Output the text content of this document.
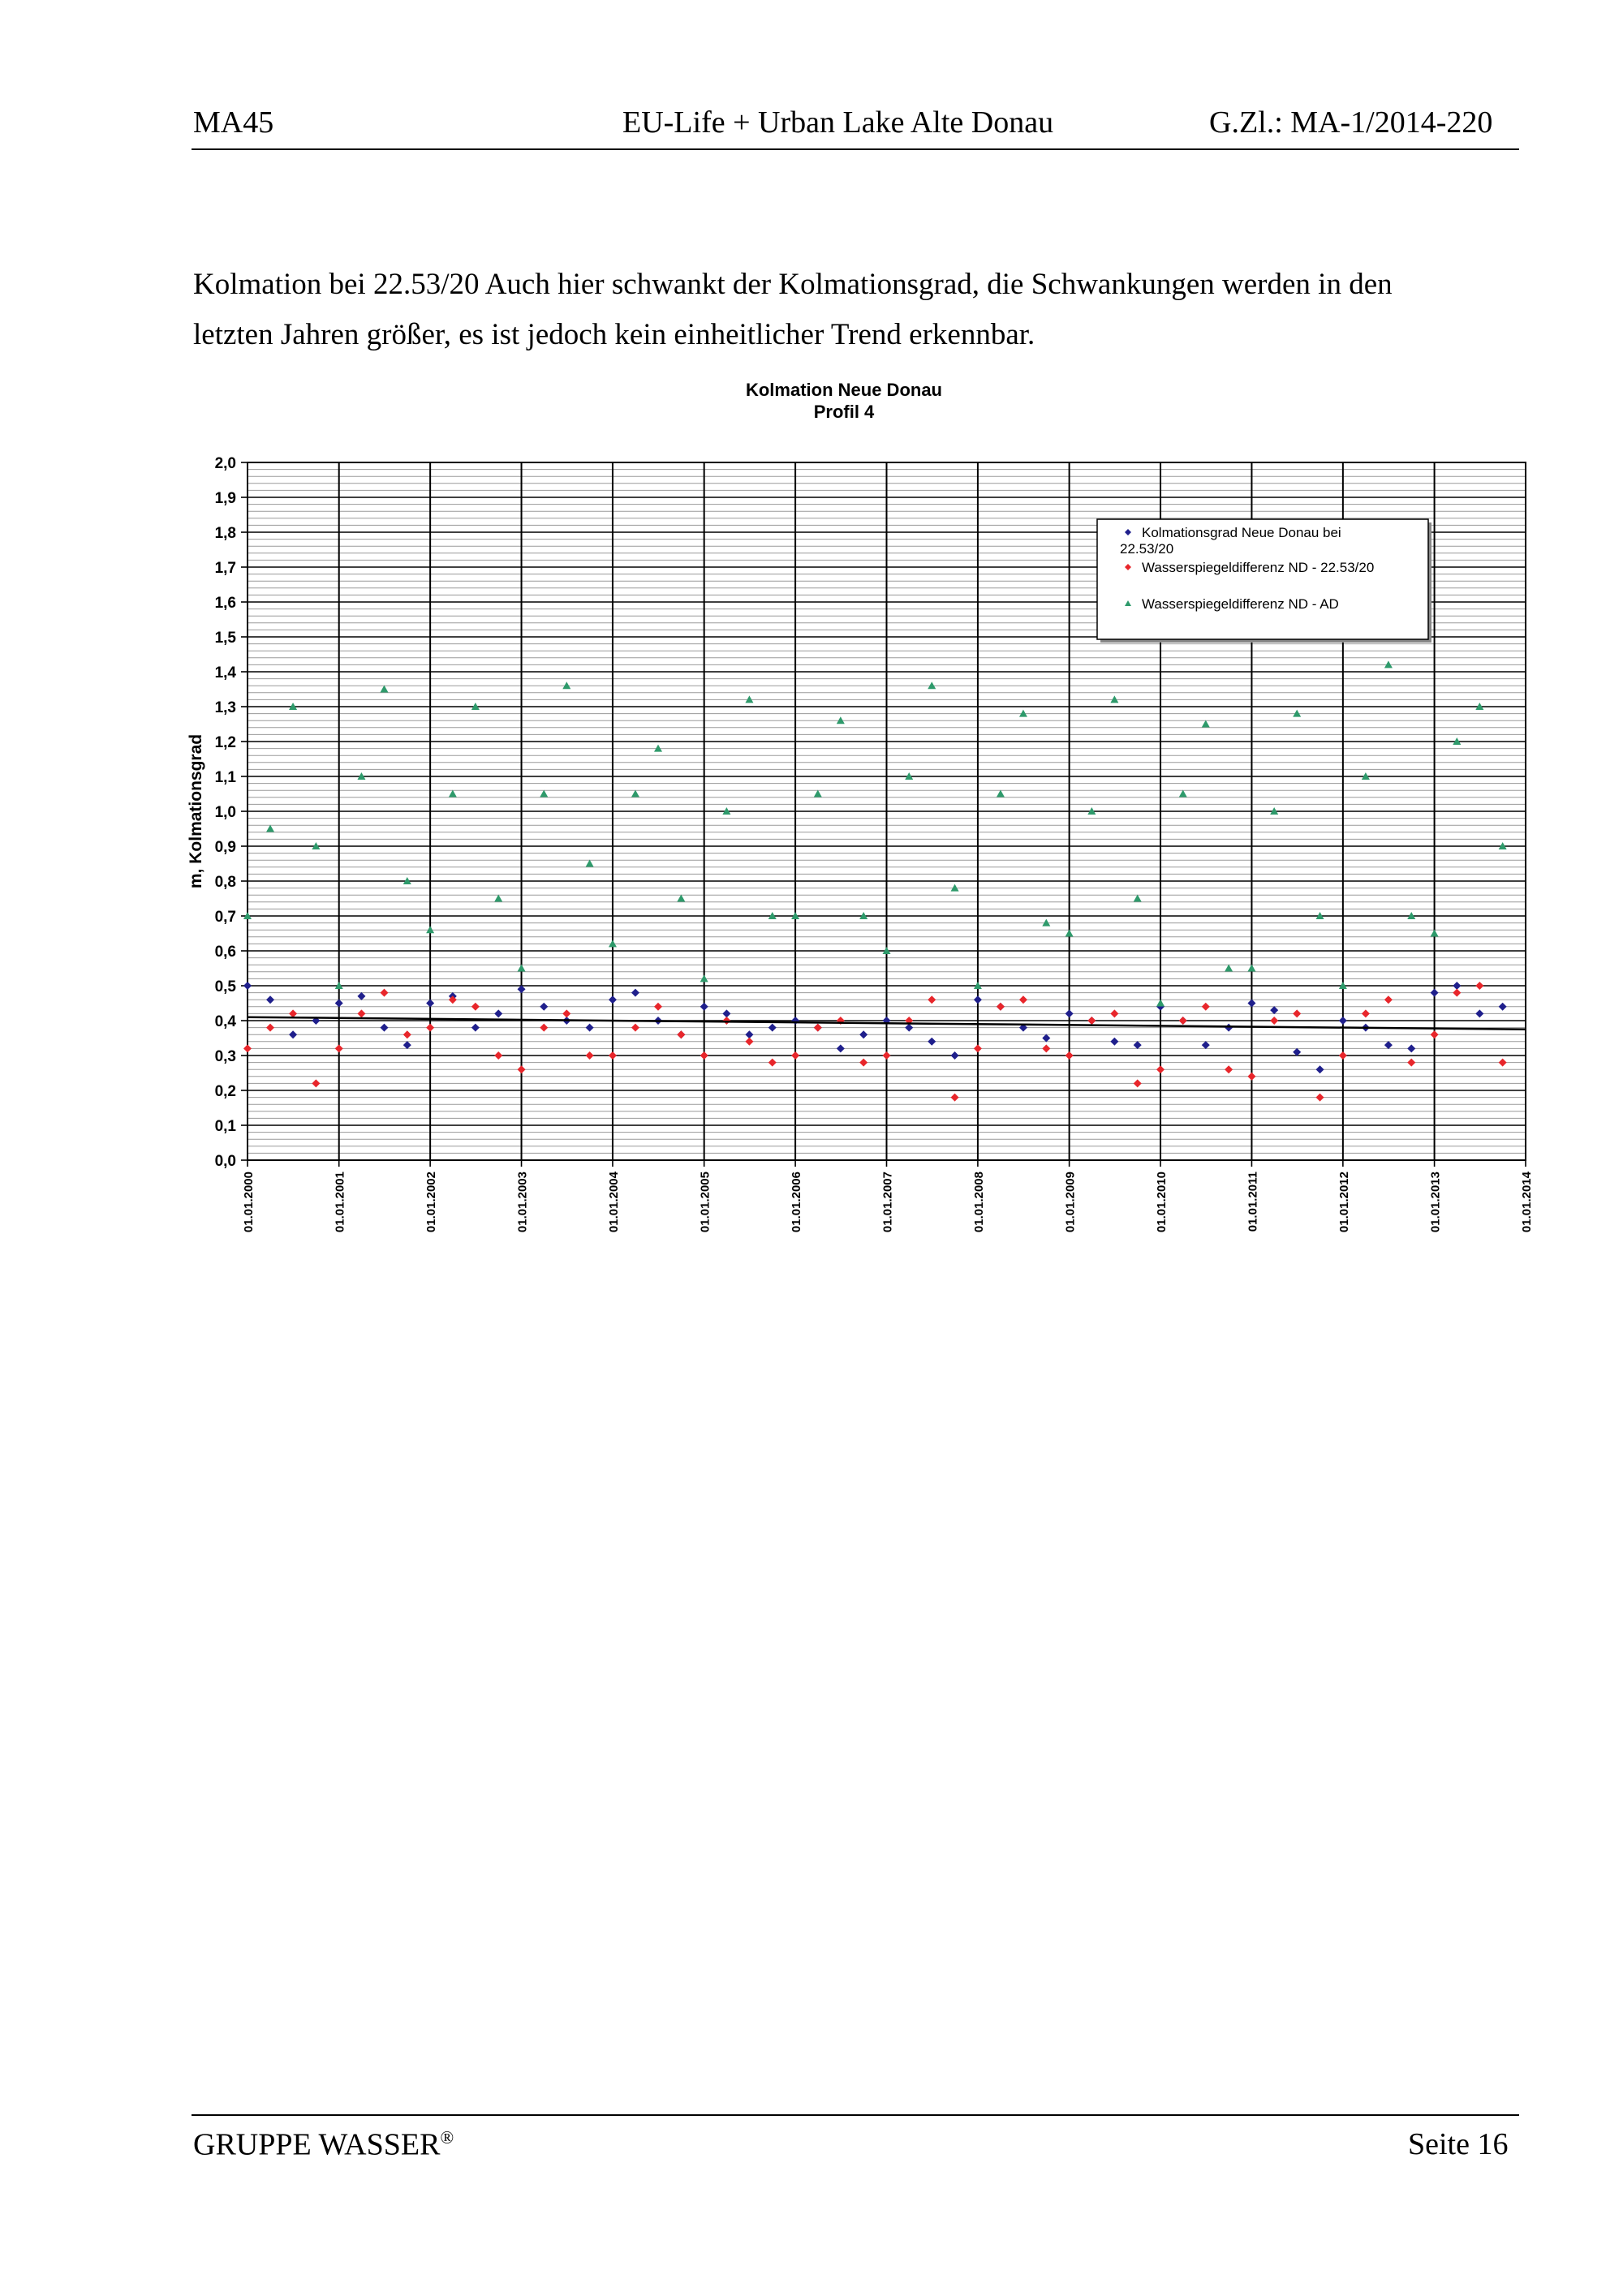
MA45	EU-Life + Urban Lake Alte Donau	G.Zl.: MA-1/2014-220
Kolmation bei 22.53/20 Auch hier schwankt der Kolmationsgrad, die Schwankungen werden in den
letzten Jahren größer, es ist jedoch kein einheitlicher Trend erkennbar.
Kolmation Neue Donau
Profil 4
0,0
0,1
0,2
0,3
0,4
0,5
0,6
0,7
0,8
0,9
1,0
1,1
1,2
1,3
1,4
1,5
1,6
1,7
1,8
1,9
2,0
01.01.2000	01.01.2001	01.01.2002	01.01.2003	01.01.2004	01.01.2005	01.01.2006	01.01.2007	01.01.2008	01.01.2009	01.01.2010	01.01.2011	01.01.2012	01.01.2013	01.01.2014
m, Kolmationsgrad
Kolmationsgrad Neue Donau bei
22.53/20
Wasserspiegeldifferenz ND - 22.53/20
Wasserspiegeldifferenz ND - AD
GRUPPE WASSER®	Seite 16
